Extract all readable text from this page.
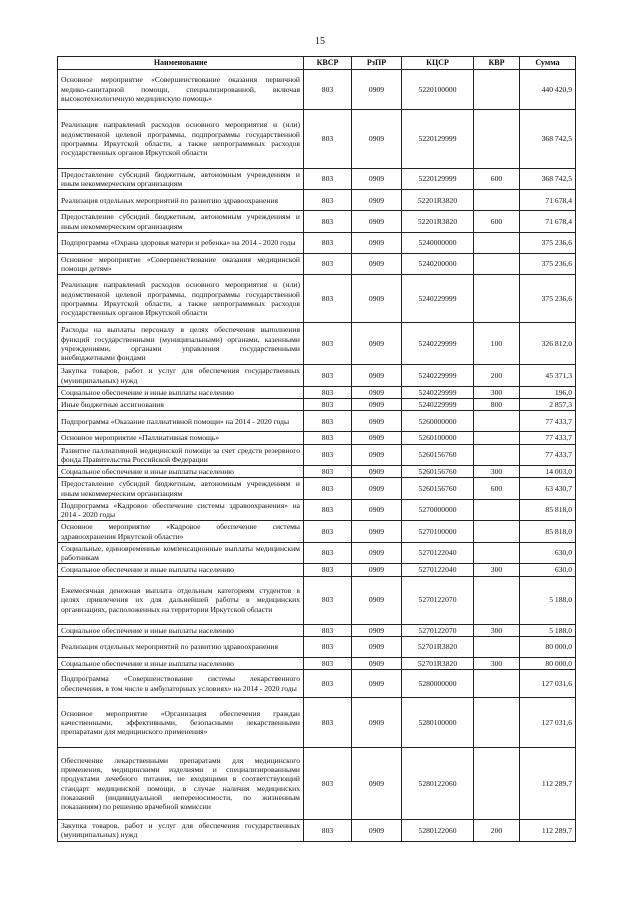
15
Наименование	КВСР	РзПР	КЦСР	КВР	Сумма
Основное мероприятие «Совершенствование оказания первичной медико-санитарной помощи, специализированной, включая высокотехнологичную медицинскую помощь»	803	0909	5220100000		440 420,9
Реализация направлений расходов основного мероприятия и (или) ведомственной целевой программы, подпрограммы государственной программы Иркутской области, а также непрограммных расходов государственных органов Иркутской области	803	0909	5220129999		368 742,5
Предоставление субсидий бюджетным, автономным учреждениям и иным некоммерческим организациям	803	0909	5220129999	600	368 742,5
Реализация отдельных мероприятий по развитию здравоохранения	803	0909	52201R3820		71 678,4
Предоставление субсидий бюджетным, автономным учреждениям и иным некоммерческим организациям	803	0909	52201R3820	600	71 678,4
Подпрограмма «Охрана здоровья матери и ребенка» на 2014 - 2020 годы	803	0909	5240000000		375 236,6
Основное мероприятие «Совершенствование оказания медицинской помощи детям»	803	0909	5240200000		375 236,6
Реализация направлений расходов основного мероприятия и (или) ведомственной целевой программы, подпрограммы государственной программы Иркутской области, а также непрограммных расходов государственных органов Иркутской области	803	0909	5240229999		375 236,6
Расходы на выплаты персоналу в целях обеспечения выполнения функций государственными (муниципальными) органами, казенными учреждениями, органами управления государственными внебюджетными фондами	803	0909	5240229999	100	326 812,0
Закупка товаров, работ и услуг для обеспечения государственных (муниципальных) нужд	803	0909	5240229999	200	45 371,3
Социальное обеспечение и иные выплаты населению	803	0909	5240229999	300	196,0
Иные бюджетные ассигнования	803	0909	5240229999	800	2 857,3
Подпрограмма «Оказание паллиативной помощи» на 2014 - 2020 годы	803	0909	5260000000		77 433,7
Основное мероприятие «Паллиативная помощь»	803	0909	5260100000		77 433,7
Развитие паллиативной медицинской помощи за счет средств резервного фонда Правительства Российской Федерации	803	0909	5260156760		77 433,7
Социальное обеспечение и иные выплаты населению	803	0909	5260156760	300	14 003,0
Предоставление субсидий бюджетным, автономным учреждениям и иным некоммерческим организациям	803	0909	5260156760	600	63 430,7
Подпрограмма «Кадровое обеспечение системы здравоохранения» на 2014 - 2020 годы	803	0909	5270000000		85 818,0
Основное мероприятие «Кадровое обеспечение системы здравоохранения Иркутской области»	803	0909	5270100000		85 818,0
Социальные, единовременные компенсационные выплаты медицинским работникам	803	0909	5270122040		630,0
Социальное обеспечение и иные выплаты населению	803	0909	5270122040	300	630,0
Ежемесячная денежная выплата отдельным категориям студентов в целях привлечения их для дальнейшей работы в медицинских организациях, расположенных на территории Иркутской области	803	0909	5270122070		5 188,0
Социальное обеспечение и иные выплаты населению	803	0909	5270122070	300	5 188,0
Реализация отдельных мероприятий по развитию здравоохранения	803	0909	52701R3820		80 000,0
Социальное обеспечение и иные выплаты населению	803	0909	52701R3820	300	80 000,0
Подпрограмма «Совершенствование системы лекарственного обеспечения, в том числе в амбулаторных условиях» на 2014 - 2020 годы	803	0909	5280000000		127 031,6
Основное мероприятие «Организация обеспечения граждан качественными, эффективными, безопасными лекарственными препаратами для медицинского применения»	803	0909	5280100000		127 031,6
Обеспечение лекарственными препаратами для медицинского применения, медицинскими изделиями и специализированными продуктами лечебного питания, не входящими в соответствующий стандарт медицинской помощи, в случае наличия медицинских показаний (индивидуальной непереносимости, по жизненным показаниям) по решению врачебной комиссии	803	0909	5280122060		112 289,7
Закупка товаров, работ и услуг для обеспечения государственных (муниципальных) нужд	803	0909	5280122060	200	112 289,7
